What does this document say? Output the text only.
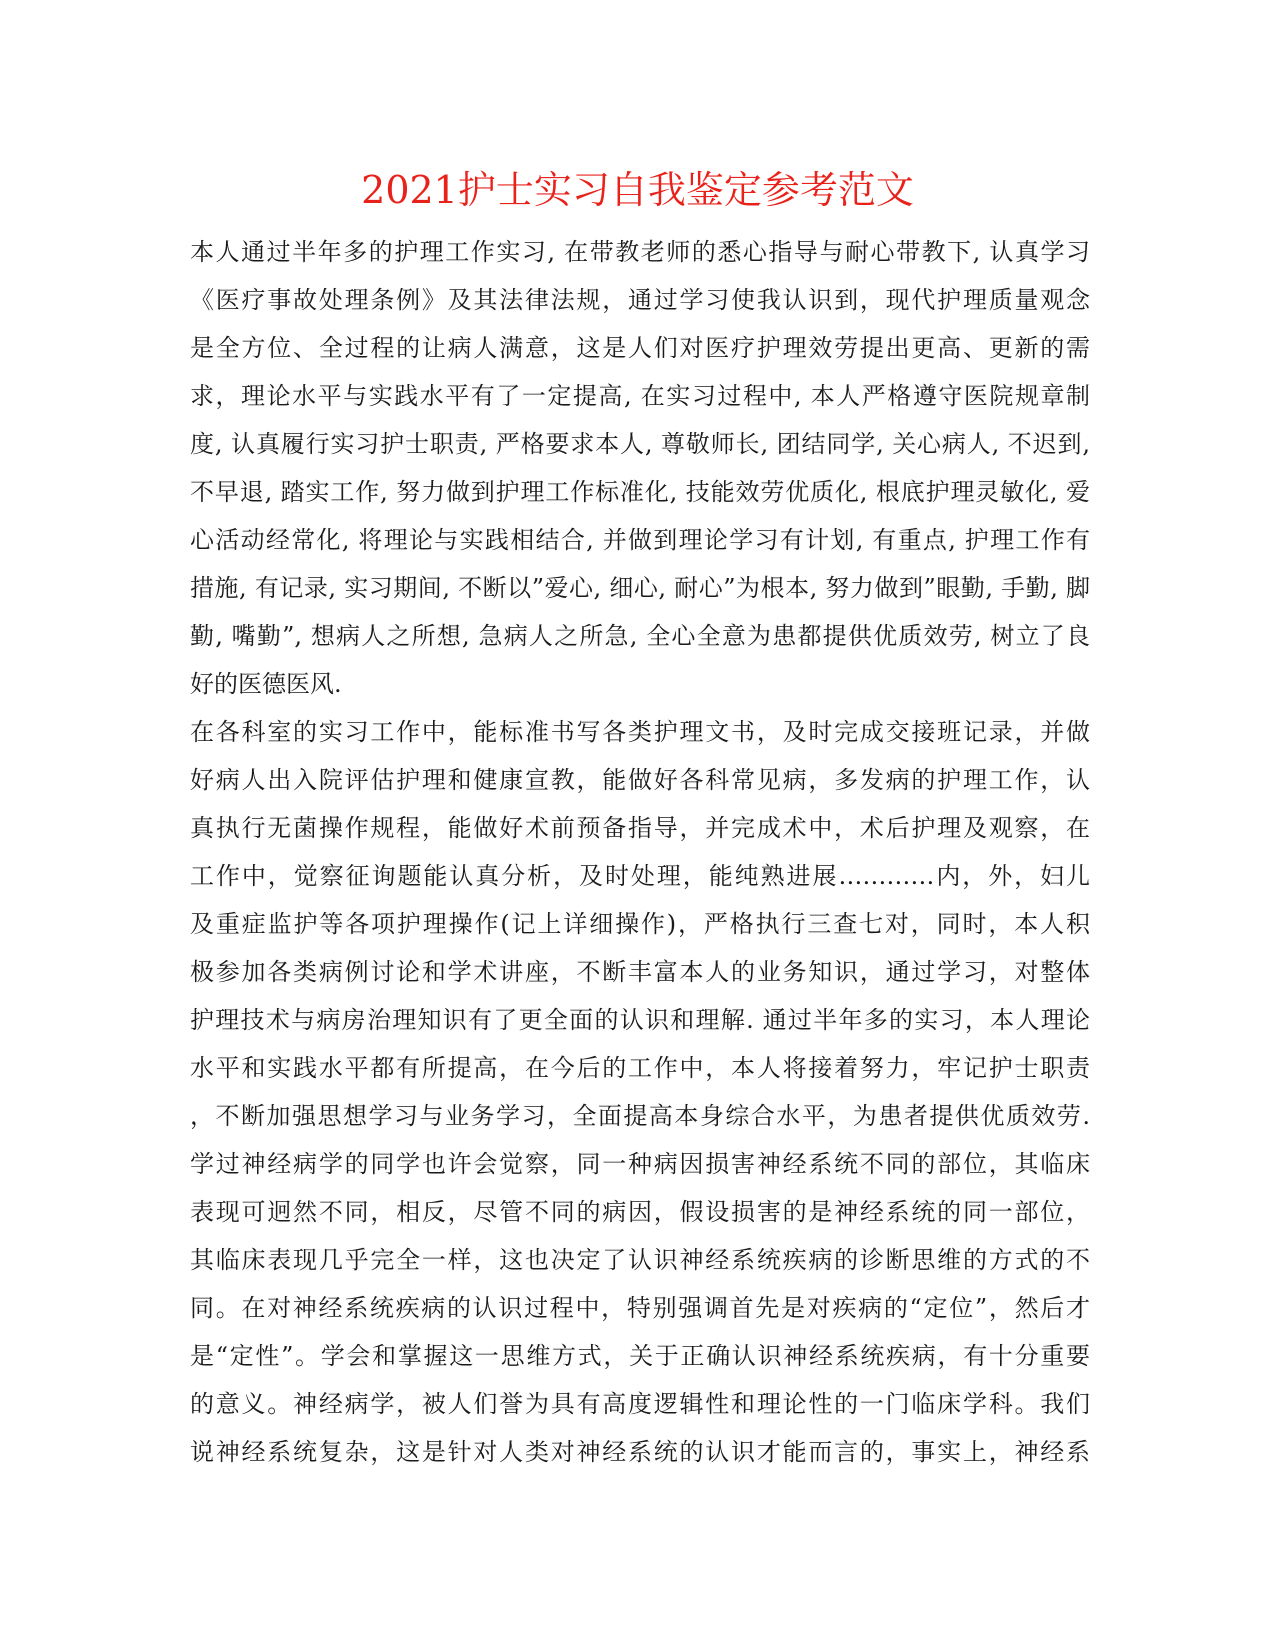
2021护士实习自我鉴定参考范文
本人通过半年多的护理工作实习, 在带教老师的悉心指导与耐心带教下, 认真学习
《医疗事故处理条例》及其法律法规，通过学习使我认识到，现代护理质量观念
是全方位、全过程的让病人满意，这是人们对医疗护理效劳提出更高、更新的需
求，理论水平与实践水平有了一定提高, 在实习过程中, 本人严格遵守医院规章制
度, 认真履行实习护士职责, 严格要求本人, 尊敬师长, 团结同学, 关心病人, 不迟到,
不早退, 踏实工作, 努力做到护理工作标准化, 技能效劳优质化, 根底护理灵敏化, 爱
心活动经常化, 将理论与实践相结合, 并做到理论学习有计划, 有重点, 护理工作有
措施, 有记录, 实习期间, 不断以”爱心, 细心, 耐心”为根本, 努力做到”眼勤, 手勤, 脚
勤, 嘴勤”, 想病人之所想, 急病人之所急, 全心全意为患都提供优质效劳, 树立了良
好的医德医风.
在各科室的实习工作中，能标准书写各类护理文书，及时完成交接班记录，并做
好病人出入院评估护理和健康宣教，能做好各科常见病，多发病的护理工作，认
真执行无菌操作规程，能做好术前预备指导，并完成术中，术后护理及观察，在
工作中，觉察征询题能认真分析，及时处理，能纯熟进展…………内，外，妇儿
及重症监护等各项护理操作(记上详细操作)，严格执行三查七对，同时，本人积
极参加各类病例讨论和学术讲座，不断丰富本人的业务知识，通过学习，对整体
护理技术与病房治理知识有了更全面的认识和理解. 通过半年多的实习，本人理论
水平和实践水平都有所提高，在今后的工作中，本人将接着努力，牢记护士职责
，不断加强思想学习与业务学习，全面提高本身综合水平，为患者提供优质效劳.
学过神经病学的同学也许会觉察，同一种病因损害神经系统不同的部位，其临床
表现可迥然不同，相反，尽管不同的病因，假设损害的是神经系统的同一部位，
其临床表现几乎完全一样，这也决定了认识神经系统疾病的诊断思维的方式的不
同。在对神经系统疾病的认识过程中，特别强调首先是对疾病的“定位”，然后才
是“定性”。学会和掌握这一思维方式，关于正确认识神经系统疾病，有十分重要
的意义。神经病学，被人们誉为具有高度逻辑性和理论性的一门临床学科。我们
说神经系统复杂，这是针对人类对神经系统的认识才能而言的，事实上，神经系
